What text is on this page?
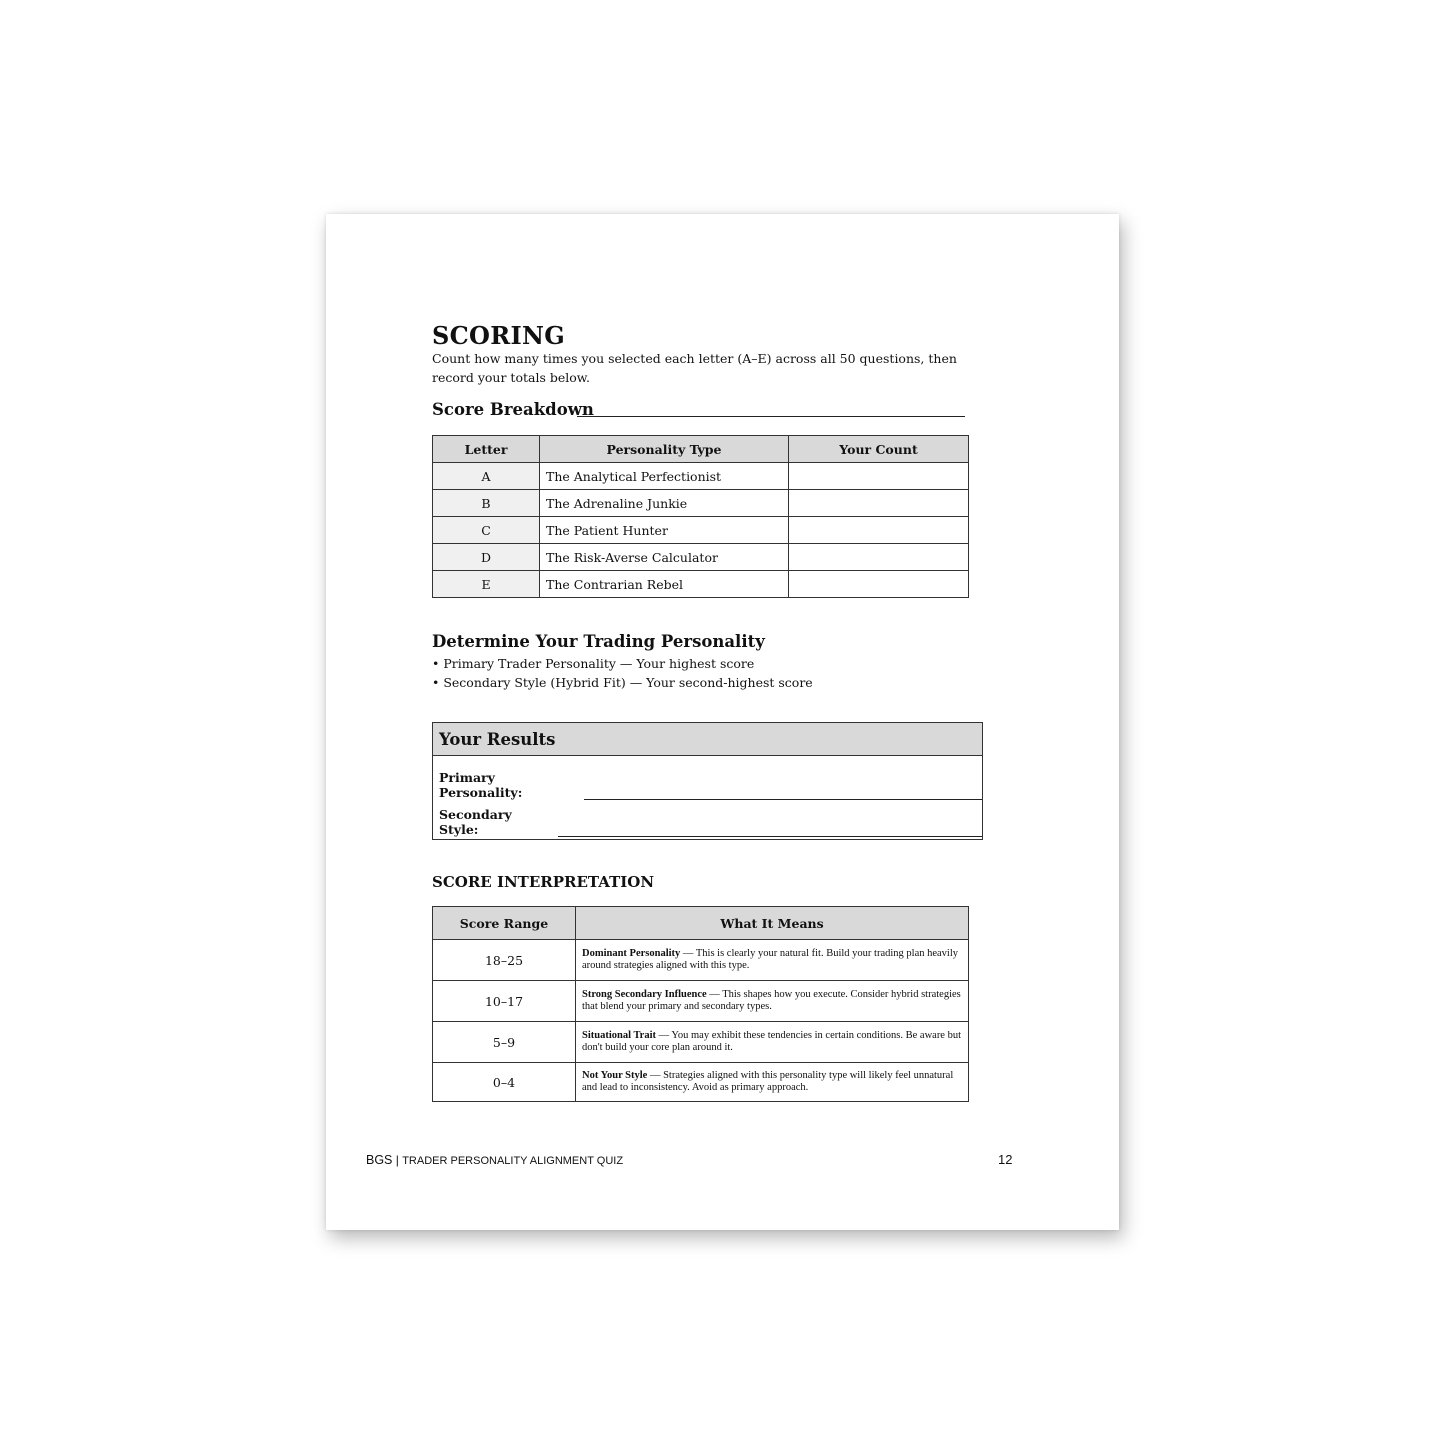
SCORING

Count how many times you selected each letter (A–E) across all 50 questions, then record your totals below.

Score Breakdown
Letter	Personality Type	Your Count
A	The Analytical Perfectionist	
B	The Adrenaline Junkie	
C	The Patient Hunter	
D	The Risk-Averse Calculator	
E	The Contrarian Rebel	
Determine Your Trading Personality
• Primary Trader Personality — Your highest score
• Secondary Style (Hybrid Fit) — Your second-highest score
Your Results
Primary Personality:
Secondary Style:
SCORE INTERPRETATION
Score Range	What It Means
18–25	Dominant Personality — This is clearly your natural fit. Build your trading plan heavily around strategies aligned with this type.
10–17	Strong Secondary Influence — This shapes how you execute. Consider hybrid strategies that blend your primary and secondary types.
5–9	Situational Trait — You may exhibit these tendencies in certain conditions. Be aware but don't build your core plan around it.
0–4	Not Your Style — Strategies aligned with this personality type will likely feel unnatural and lead to inconsistency. Avoid as primary approach.
BGS | TRADER PERSONALITY ALIGNMENT QUIZ	12
